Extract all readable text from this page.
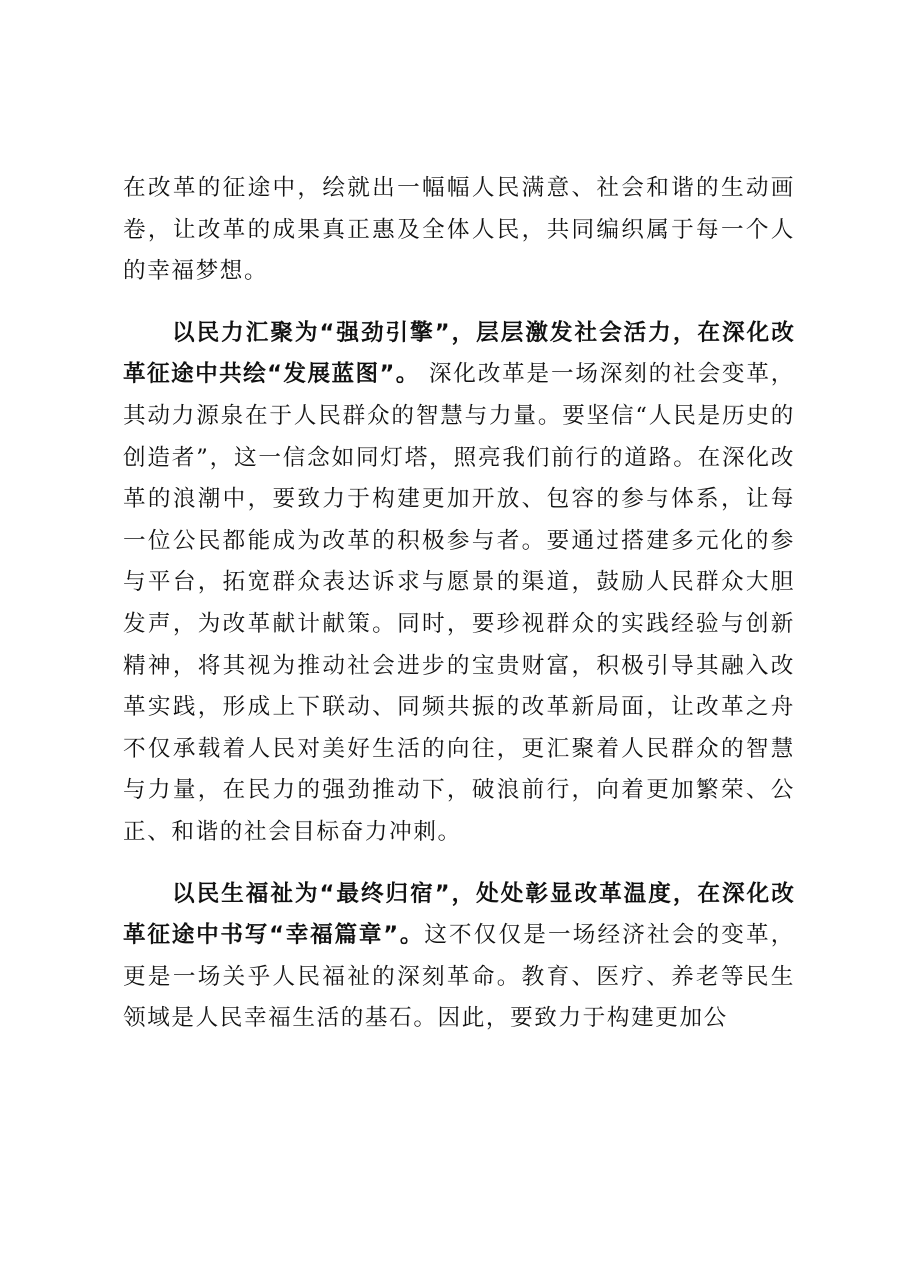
在改革的征途中，绘就出一幅幅人民满意、社会和谐的生动画卷，让改革的成果真正惠及全体人民，共同编织属于每一个人的幸福梦想。

以民力汇聚为“强劲引擎”，层层激发社会活力，在深化改革征途中共绘“发展蓝图”。 深化改革是一场深刻的社会变革，其动力源泉在于人民群众的智慧与力量。要坚信“人民是历史的创造者”，这一信念如同灯塔，照亮我们前行的道路。在深化改革的浪潮中，要致力于构建更加开放、包容的参与体系，让每一位公民都能成为改革的积极参与者。要通过搭建多元化的参与平台，拓宽群众表达诉求与愿景的渠道，鼓励人民群众大胆发声，为改革献计献策。同时，要珍视群众的实践经验与创新精神，将其视为推动社会进步的宝贵财富，积极引导其融入改革实践，形成上下联动、同频共振的改革新局面，让改革之舟不仅承载着人民对美好生活的向往，更汇聚着人民群众的智慧与力量，在民力的强劲推动下，破浪前行，向着更加繁荣、公正、和谐的社会目标奋力冲刺。

以民生福祉为“最终归宿”，处处彰显改革温度，在深化改革征途中书写“幸福篇章”。这不仅仅是一场经济社会的变革，更是一场关乎人民福祉的深刻革命。教育、医疗、养老等民生领域是人民幸福生活的基石。因此，要致力于构建更加公
